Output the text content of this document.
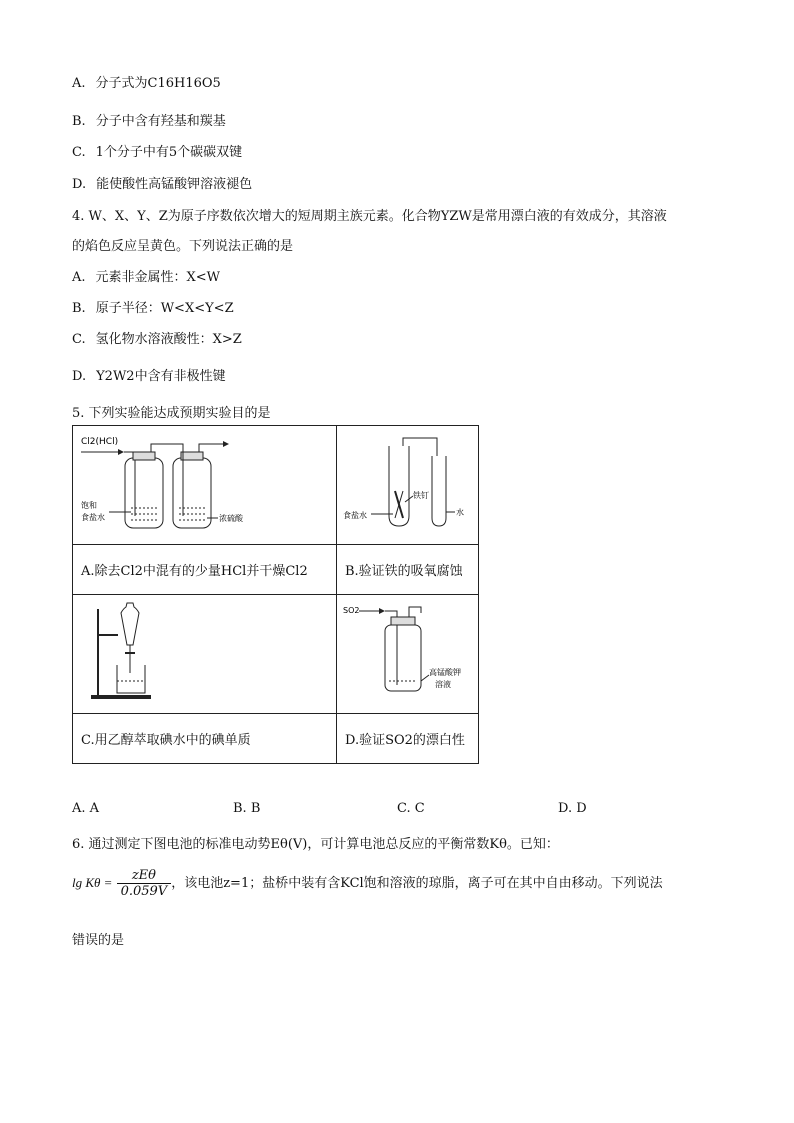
A. 分子式为C16H16O5
B. 分子中含有羟基和羰基
C. 1个分子中有5个碳碳双键
D. 能使酸性高锰酸钾溶液褪色
4. W、X、Y、Z为原子序数依次增大的短周期主族元素。化合物YZW是常用漂白液的有效成分，其溶液
的焰色反应呈黄色。下列说法正确的是
A. 元素非金属性：X<W
B. 原子半径：W<X<Y<Z
C. 氢化物水溶液酸性：X>Z
D. Y2W2中含有非极性键
5. 下列实验能达成预期实验目的是
Cl2(HCl)
饱和
食盐水 浓硫酸	食盐水
铁钉
水

A.除去Cl2中混有的少量HCl并干燥Cl2	B.验证铁的吸氧腐蚀

SO2
高锰酸钾
溶液

C.用乙醇萃取碘水中的碘单质	D.验证SO2的漂白性
A. A	B. B	C. C	D. D
6. 通过测定下图电池的标准电动势Eθ(V)，可计算电池总反应的平衡常数Kθ。已知：
$\lg K\theta = \frac{\text{zEθ}}{0.059V}$ ，该电池z=1；盐桥中装有含KCl饱和溶液的琼脂，离子可在其中自由移动。下列说法
错误的是
